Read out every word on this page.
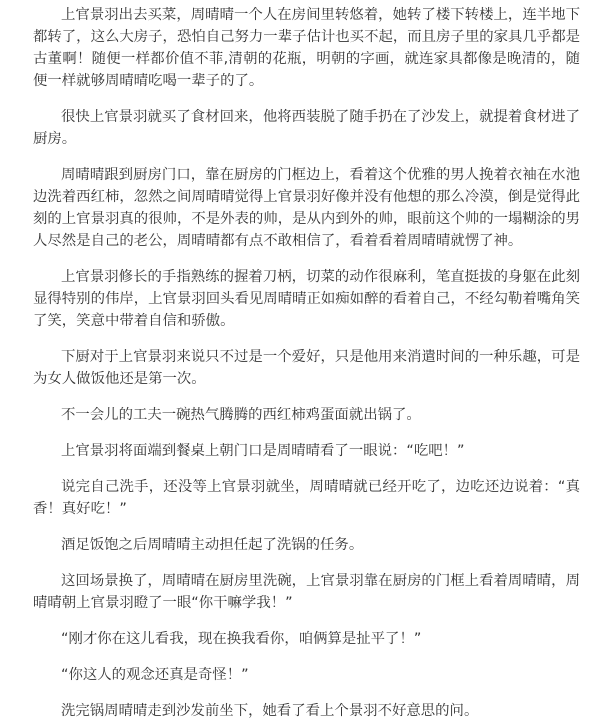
上官景羽出去买菜，周晴晴一个人在房间里转悠着，她转了楼下转楼上，连半地下都转了，这么大房子，恐怕自己努力一辈子估计也买不起，而且房子里的家具几乎都是古董啊！随便一样都价值不菲,清朝的花瓶，明朝的字画，就连家具都像是晚清的，随便一样就够周晴晴吃喝一辈子的了。

很快上官景羽就买了食材回来，他将西装脱了随手扔在了沙发上，就提着食材进了厨房。

周晴晴跟到厨房门口，靠在厨房的门框边上，看着这个优雅的男人挽着衣袖在水池边洗着西红柿，忽然之间周晴晴觉得上官景羽好像并没有他想的那么冷漠，倒是觉得此刻的上官景羽真的很帅，不是外表的帅，是从内到外的帅，眼前这个帅的一塌糊涂的男人尽然是自己的老公，周晴晴都有点不敢相信了，看着看着周晴晴就愣了神。

上官景羽修长的手指熟练的握着刀柄，切菜的动作很麻利，笔直挺拔的身躯在此刻显得特别的伟岸，上官景羽回头看见周晴晴正如痴如醉的看着自己，不经勾勒着嘴角笑了笑，笑意中带着自信和骄傲。

下厨对于上官景羽来说只不过是一个爱好，只是他用来消遣时间的一种乐趣，可是为女人做饭他还是第一次。

不一会儿的工夫一碗热气腾腾的西红柿鸡蛋面就出锅了。

上官景羽将面端到餐桌上朝门口是周晴晴看了一眼说：“吃吧！”

说完自己洗手，还没等上官景羽就坐，周晴晴就已经开吃了，边吃还边说着：“真香！真好吃！”

酒足饭饱之后周晴晴主动担任起了洗锅的任务。

这回场景换了，周晴晴在厨房里洗碗，上官景羽靠在厨房的门框上看着周晴晴，周晴晴朝上官景羽瞪了一眼“你干嘛学我！”

“刚才你在这儿看我，现在换我看你，咱俩算是扯平了！”

“你这人的观念还真是奇怪！”

洗完锅周晴晴走到沙发前坐下，她看了看上个景羽不好意思的问。
